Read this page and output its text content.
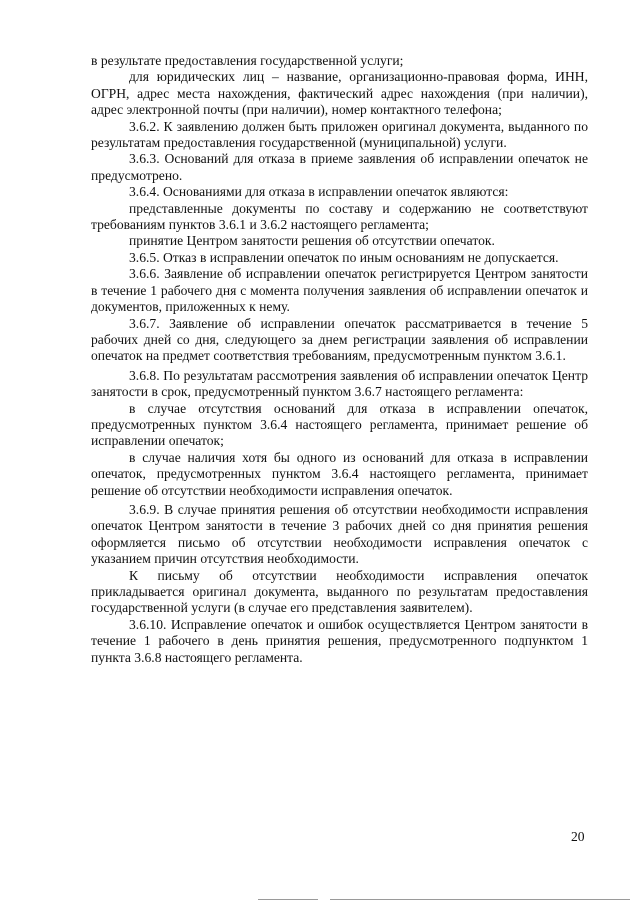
в результате предоставления государственной услуги;

для юридических лиц – название, организационно-правовая форма, ИНН, ОГРН, адрес места нахождения, фактический адрес нахождения (при наличии), адрес электронной почты (при наличии), номер контактного телефона;

3.6.2. К заявлению должен быть приложен оригинал документа, выданного по результатам предоставления государственной (муниципальной) услуги.

3.6.3. Оснований для отказа в приеме заявления об исправлении опечаток не предусмотрено.

3.6.4. Основаниями для отказа в исправлении опечаток являются:

представленные документы по составу и содержанию не соответствуют требованиям пунктов 3.6.1 и 3.6.2 настоящего регламента;

принятие Центром занятости решения об отсутствии опечаток.

3.6.5. Отказ в исправлении опечаток по иным основаниям не допускается.

3.6.6. Заявление об исправлении опечаток регистрируется Центром занятости в течение 1 рабочего дня с момента получения заявления об исправлении опечаток и документов, приложенных к нему.

3.6.7. Заявление об исправлении опечаток рассматривается в течение 5 рабочих дней со дня, следующего за днем регистрации заявления об исправлении опечаток на предмет соответствия требованиям, предусмотренным пунктом 3.6.1.

3.6.8. По результатам рассмотрения заявления об исправлении опечаток Центр занятости в срок, предусмотренный пунктом 3.6.7 настоящего регламента:

в случае отсутствия оснований для отказа в исправлении опечаток, предусмотренных пунктом 3.6.4 настоящего регламента, принимает решение об исправлении опечаток;

в случае наличия хотя бы одного из оснований для отказа в исправлении опечаток, предусмотренных пунктом 3.6.4 настоящего регламента, принимает решение об отсутствии необходимости исправления опечаток.

3.6.9. В случае принятия решения об отсутствии необходимости исправления опечаток Центром занятости в течение 3 рабочих дней со дня принятия решения оформляется письмо об отсутствии необходимости исправления опечаток с указанием причин отсутствия необходимости.

К письму об отсутствии необходимости исправления опечаток прикладывается оригинал документа, выданного по результатам предоставления государственной услуги (в случае его представления заявителем).

3.6.10. Исправление опечаток и ошибок осуществляется Центром занятости в течение 1 рабочего в день принятия решения, предусмотренного подпунктом 1 пункта 3.6.8 настоящего регламента.

20
